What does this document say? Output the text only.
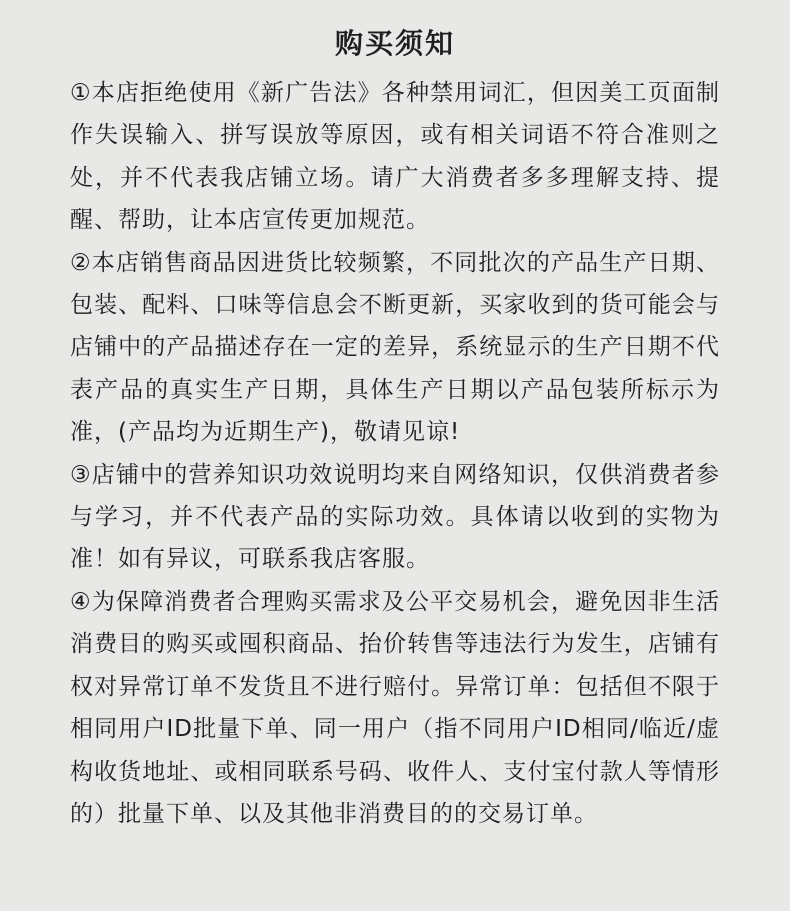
购买须知

①本店拒绝使用《新广告法》各种禁用词汇，但因美工页面制作失误输入、拼写误放等原因，或有相关词语不符合准则之处，并不代表我店铺立场。请广大消费者多多理解支持、提醒、帮助，让本店宣传更加规范。

②本店销售商品因进货比较频繁，不同批次的产品生产日期、包装、配料、口味等信息会不断更新，买家收到的货可能会与店铺中的产品描述存在一定的差异，系统显示的生产日期不代表产品的真实生产日期，具体生产日期以产品包装所标示为准，(产品均为近期生产)，敬请见谅!

③店铺中的营养知识功效说明均来自网络知识，仅供消费者参与学习，并不代表产品的实际功效。具体请以收到的实物为准！如有异议，可联系我店客服。

④为保障消费者合理购买需求及公平交易机会，避免因非生活消费目的购买或囤积商品、抬价转售等违法行为发生，店铺有权对异常订单不发货且不进行赔付。异常订单：包括但不限于相同用户ID批量下单、同一用户（指不同用户ID相同/临近/虚构收货地址、或相同联系号码、收件人、支付宝付款人等情形的）批量下单、以及其他非消费目的的交易订单。
